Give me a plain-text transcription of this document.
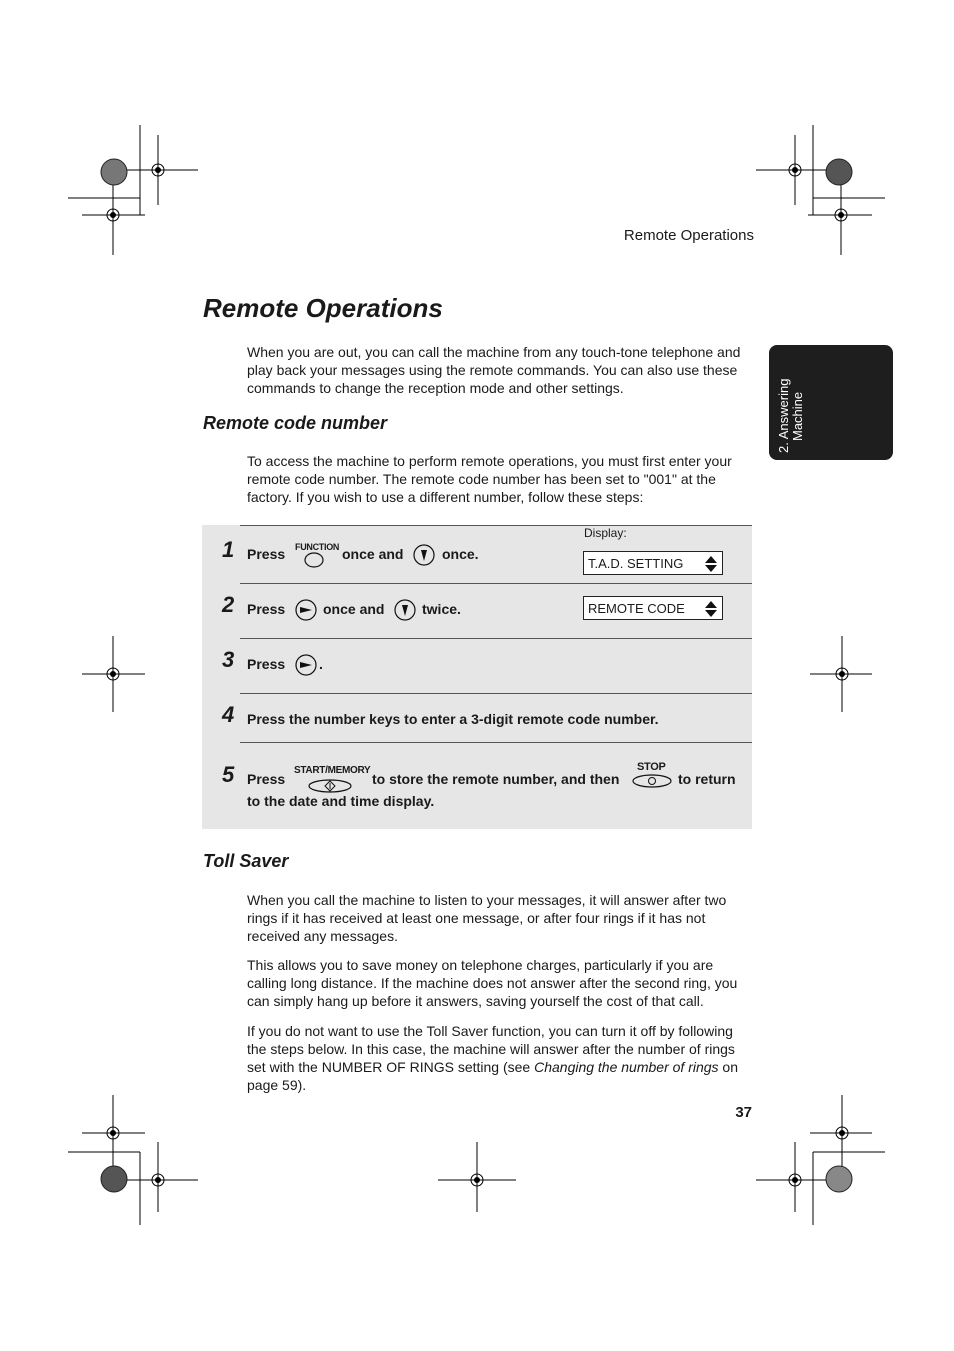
Remote Operations
2. Answering Machine
Remote Operations

When you are out, you can call the machine from any touch-tone telephone and play back your messages using the remote commands. You can also use these commands to change the reception mode and other settings.

Remote code number

To access the machine to perform remote operations, you must first enter your remote code number. The remote code number has been set to "001" at the factory. If you wish to use a different number, follow these steps:

Display:
1 Press FUNCTION once and	once.
T.A.D. SETTING
2 Press	once and	twice.	REMOTE CODE
3 Press .
4 Press the number keys to enter a 3-digit remote code number.
5 Press
START/MEMORY
to store the remote number, and then
STOP
to return
to the date and time display.
Toll Saver

When you call the machine to listen to your messages, it will answer after two rings if it has received at least one message, or after four rings if it has not received any messages.

This allows you to save money on telephone charges, particularly if you are calling long distance. If the machine does not answer after the second ring, you can simply hang up before it answers, saving yourself the cost of that call.

If you do not want to use the Toll Saver function, you can turn it off by following the steps below. In this case, the machine will answer after the number of rings set with the NUMBER OF RINGS setting (see Changing the number of rings on page 59).

37
